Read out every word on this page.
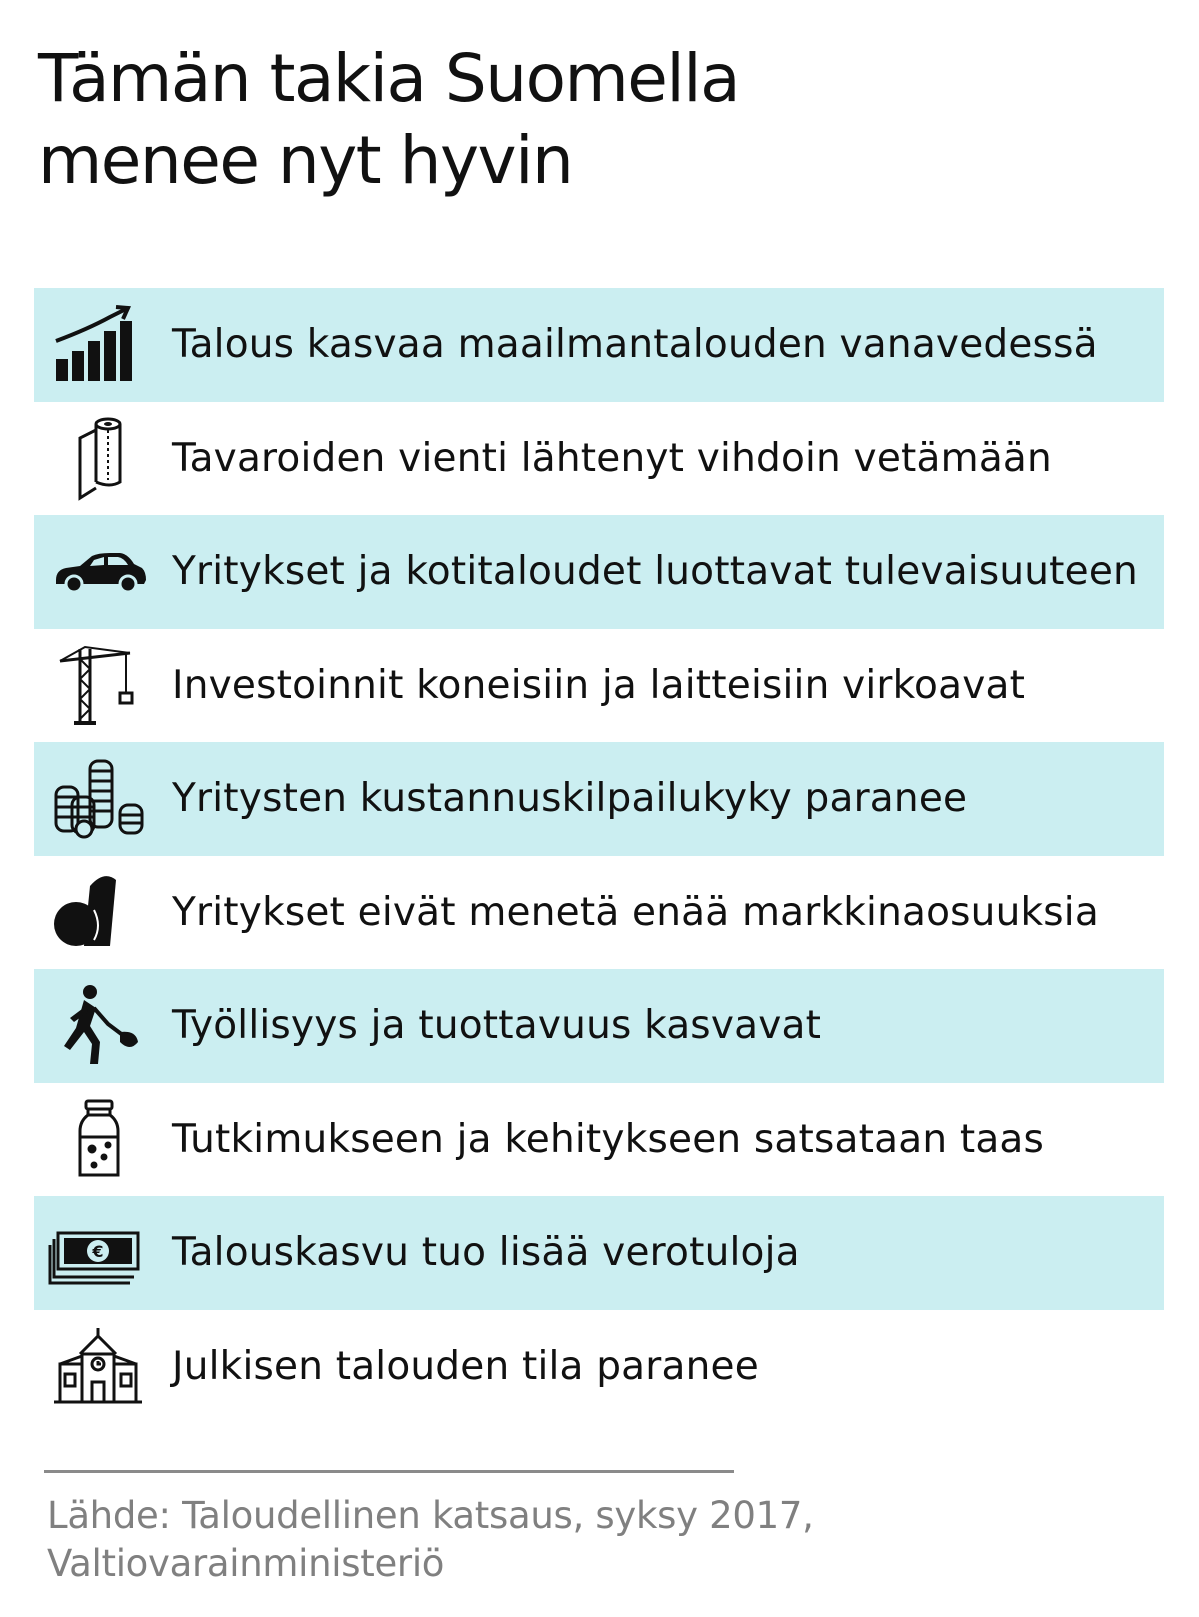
Tämän takia Suomella
menee nyt hyvin
Talous kasvaa maailmantalouden vanavedessä
Tavaroiden vienti lähtenyt vihdoin vetämään
Yritykset ja kotitaloudet luottavat tulevaisuuteen
Investoinnit koneisiin ja laitteisiin virkoavat
Yritysten kustannuskilpailukyky paranee
Yritykset eivät menetä enää markkinaosuuksia
Työllisyys ja tuottavuus kasvavat
Tutkimukseen ja kehitykseen satsataan taas
€ Talouskasvu tuo lisää verotuloja
Julkisen talouden tila paranee
Lähde: Taloudellinen katsaus, syksy 2017,
Valtiovarainministeriö
